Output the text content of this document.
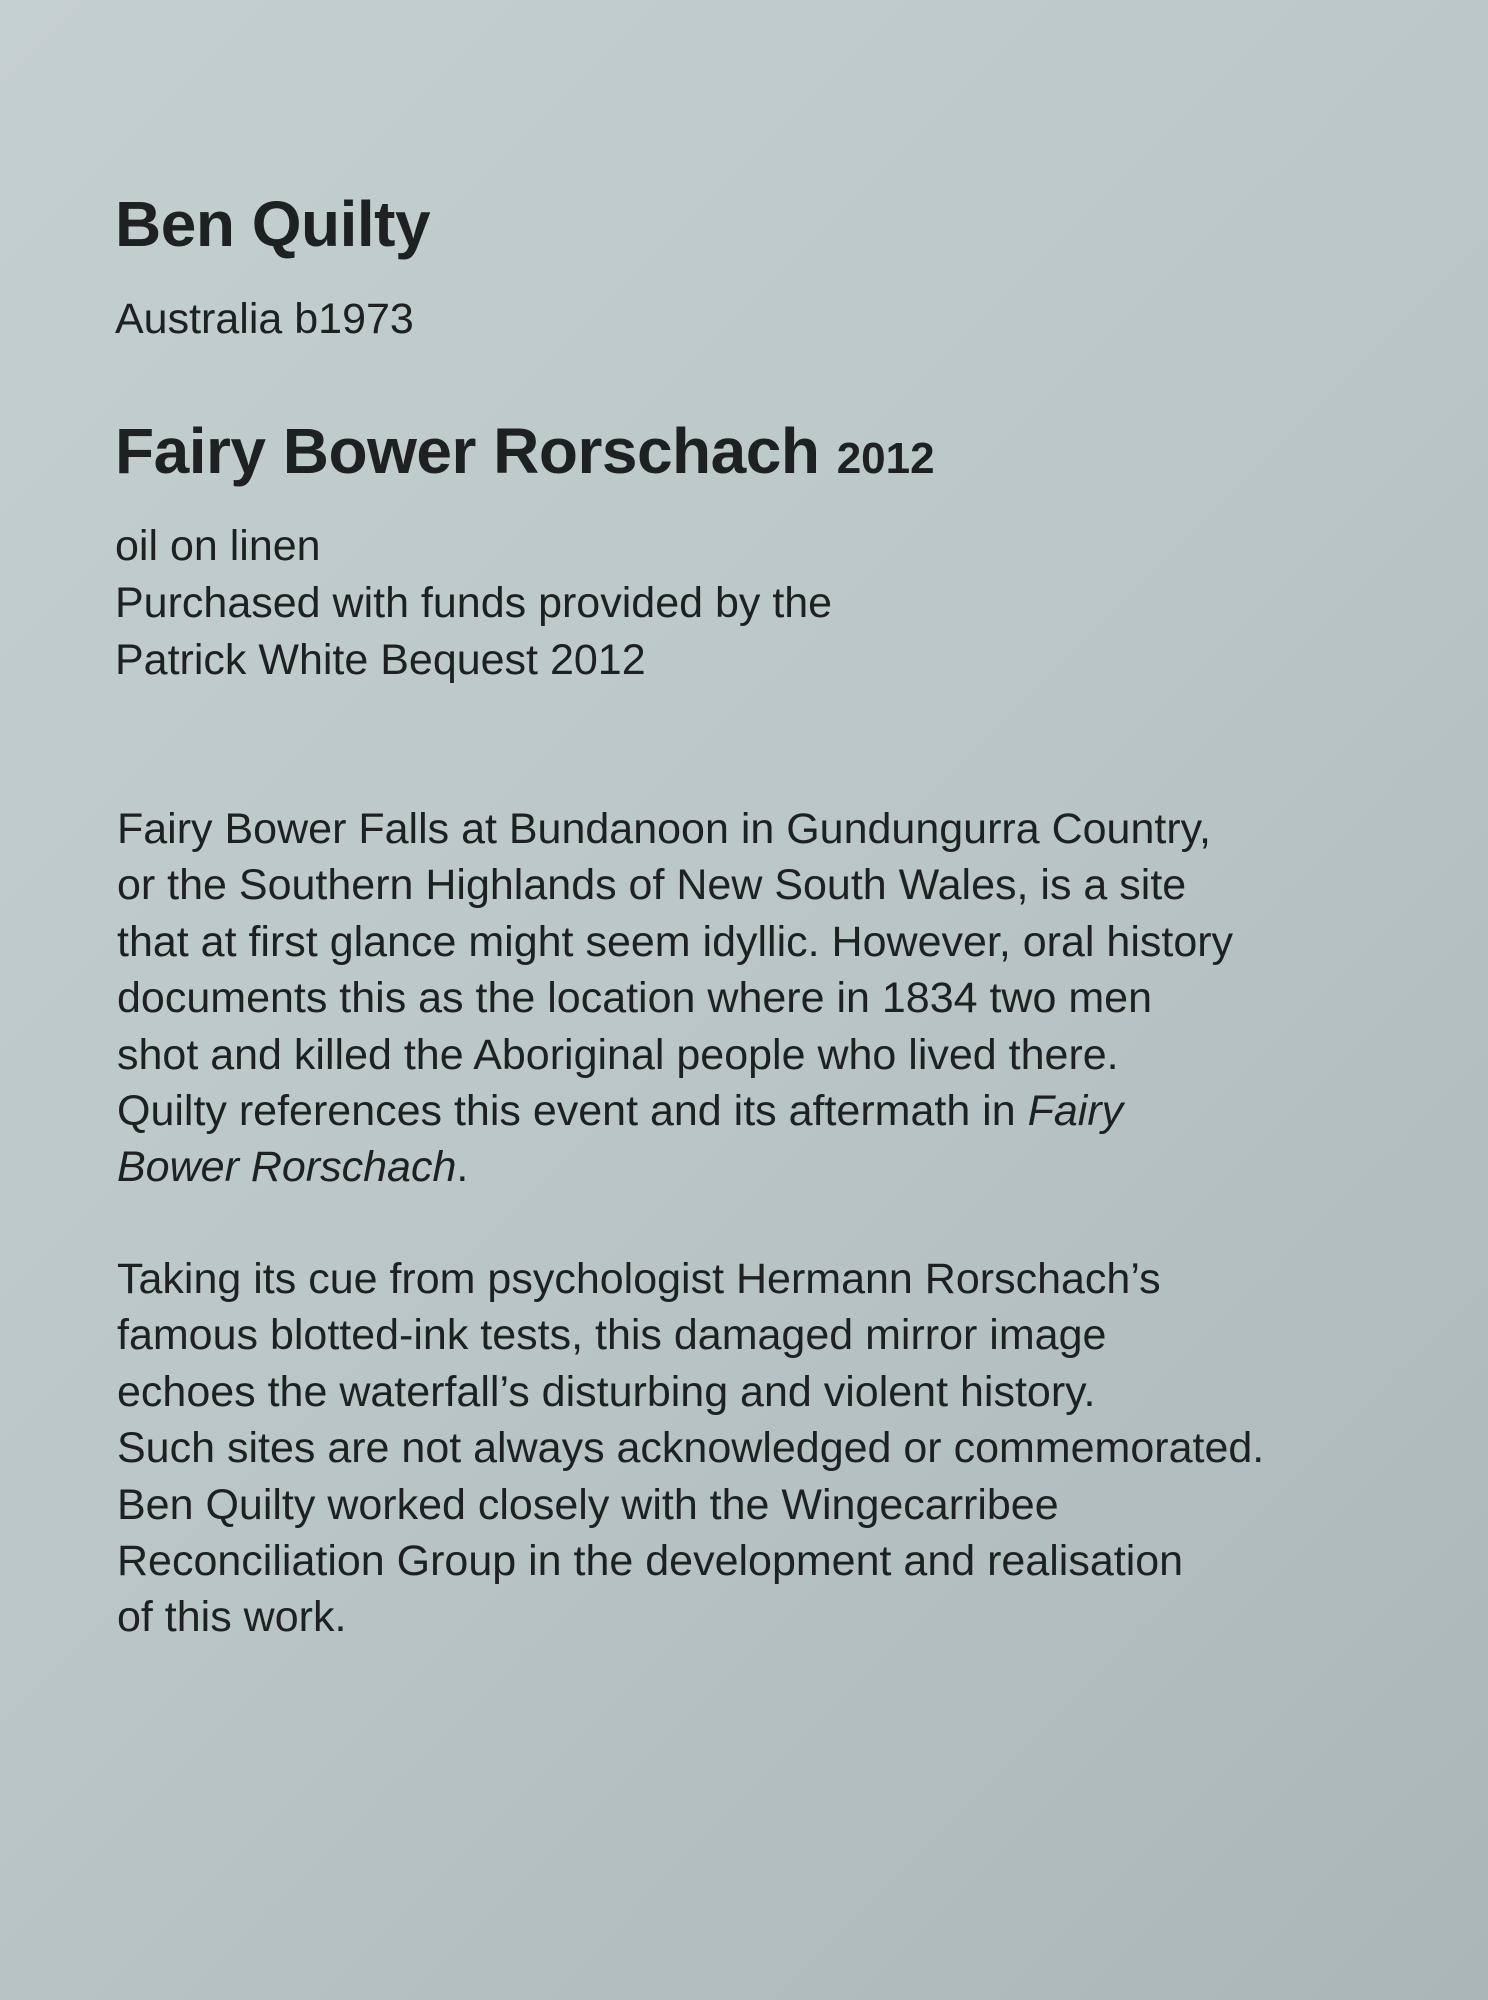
Ben Quilty
Australia b1973
Fairy Bower Rorschach 2012
oil on linen
Purchased with funds provided by the
Patrick White Bequest 2012
Fairy Bower Falls at Bundanoon in Gundungurra Country,
or the Southern Highlands of New South Wales, is a site
that at first glance might seem idyllic. However, oral history
documents this as the location where in 1834 two men
shot and killed the Aboriginal people who lived there.
Quilty references this event and its aftermath in Fairy
Bower Rorschach.
Taking its cue from psychologist Hermann Rorschach’s
famous blotted-ink tests, this damaged mirror image
echoes the waterfall’s disturbing and violent history.
Such sites are not always acknowledged or commemorated.
Ben Quilty worked closely with the Wingecarribee
Reconciliation Group in the development and realisation
of this work.
